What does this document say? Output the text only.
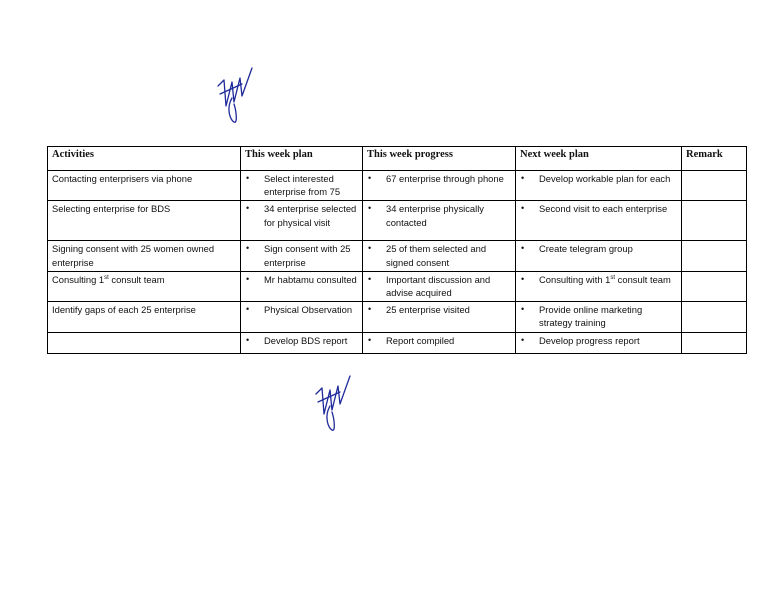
Activities	This week plan	This week progress	Next week plan	Remark
Contacting enterprisers via phone	• Select interested enterprise from 75	• 67 enterprise through phone	• Develop workable plan for each	

Selecting enterprise for BDS	• 34 enterprise selected for physical visit	• 34 enterprise physically contacted	• Second visit to each enterprise	

Signing consent with 25 women owned enterprise	• Sign consent with 25 enterprise	• 25 of them selected and signed consent	• Create telegram group	

Consulting 1st consult team	• Mr habtamu consulted	• Important discussion and advise acquired	• Consulting with 1st consult team	

Identify gaps of each 25 enterprise	• Physical Observation	• 25 enterprise visited	• Provide online marketing strategy training	

	• Develop BDS report	• Report compiled	• Develop progress report	
